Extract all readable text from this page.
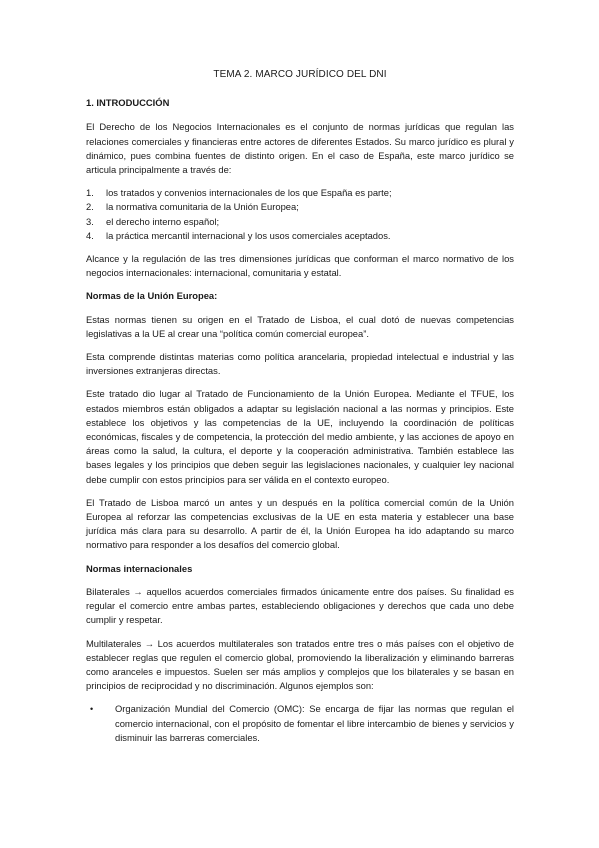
TEMA 2. MARCO JURÍDICO DEL DNI
1. INTRODUCCIÓN

El Derecho de los Negocios Internacionales es el conjunto de normas jurídicas que regulan las relaciones comerciales y financieras entre actores de diferentes Estados. Su marco jurídico es plural y dinámico, pues combina fuentes de distinto origen. En el caso de España, este marco jurídico se articula principalmente a través de:

1. los tratados y convenios internacionales de los que España es parte;
2. la normativa comunitaria de la Unión Europea;
3. el derecho interno español;
4. la práctica mercantil internacional y los usos comerciales aceptados.

Alcance y la regulación de las tres dimensiones jurídicas que conforman el marco normativo de los negocios internacionales: internacional, comunitaria y estatal.

Normas de la Unión Europea:

Estas normas tienen su origen en el Tratado de Lisboa, el cual dotó de nuevas competencias legislativas a la UE al crear una “política común comercial europea”.

Esta comprende distintas materias como política arancelaria, propiedad intelectual e industrial y las inversiones extranjeras directas.

Este tratado dio lugar al Tratado de Funcionamiento de la Unión Europea. Mediante el TFUE, los estados miembros están obligados a adaptar su legislación nacional a las normas y principios. Este establece los objetivos y las competencias de la UE, incluyendo la coordinación de políticas económicas, fiscales y de competencia, la protección del medio ambiente, y las acciones de apoyo en áreas como la salud, la cultura, el deporte y la cooperación administrativa. También establece las bases legales y los principios que deben seguir las legislaciones nacionales, y cualquier ley nacional debe cumplir con estos principios para ser válida en el contexto europeo.

El Tratado de Lisboa marcó un antes y un después en la política comercial común de la Unión Europea al reforzar las competencias exclusivas de la UE en esta materia y establecer una base jurídica más clara para su desarrollo. A partir de él, la Unión Europea ha ido adaptando su marco normativo para responder a los desafíos del comercio global.

Normas internacionales

Bilaterales → aquellos acuerdos comerciales firmados únicamente entre dos países. Su finalidad es regular el comercio entre ambas partes, estableciendo obligaciones y derechos que cada uno debe cumplir y respetar.

Multilaterales → Los acuerdos multilaterales son tratados entre tres o más países con el objetivo de establecer reglas que regulen el comercio global, promoviendo la liberalización y eliminando barreras como aranceles e impuestos. Suelen ser más amplios y complejos que los bilaterales y se basan en principios de reciprocidad y no discriminación. Algunos ejemplos son:

• Organización Mundial del Comercio (OMC): Se encarga de fijar las normas que regulan el comercio internacional, con el propósito de fomentar el libre intercambio de bienes y servicios y disminuir las barreras comerciales.
